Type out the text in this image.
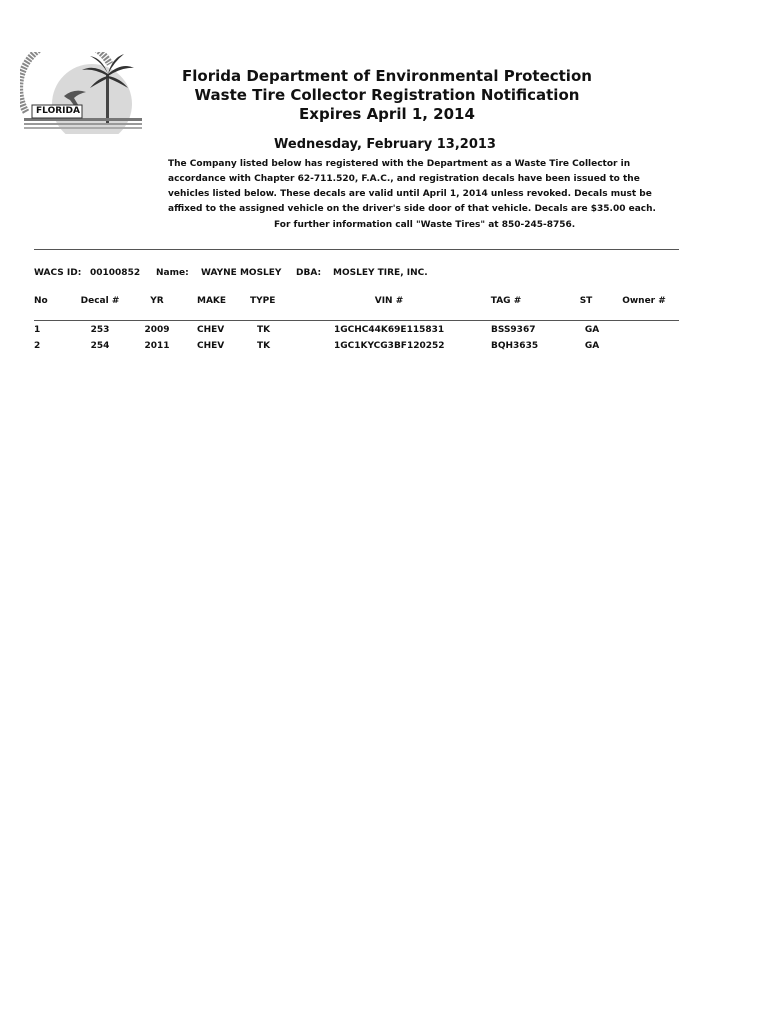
FLORIDA
Florida Department of Environmental Protection
Waste Tire Collector Registration Notification
Expires April 1, 2014
Wednesday, February 13,2013
The Company listed below has registered with the Department as a Waste Tire Collector in
accordance with Chapter 62-711.520, F.A.C., and registration decals have been issued to the
vehicles listed below. These decals are valid until April 1, 2014 unless revoked. Decals must be
affixed to the assigned vehicle on the driver's side door of that vehicle. Decals are $35.00 each.
For further information call "Waste Tires" at 850-245-8756.
WACS ID: 00100852 Name: WAYNE MOSLEY DBA: MOSLEY TIRE, INC.
No	Decal #	YR	MAKE	TYPE	VIN #	TAG #	ST	Owner #
1	253	2009	CHEV	TK	1GCHC44K69E115831	BSS9367	GA
2	254	2011	CHEV	TK	1GC1KYCG3BF120252	BQH3635	GA
